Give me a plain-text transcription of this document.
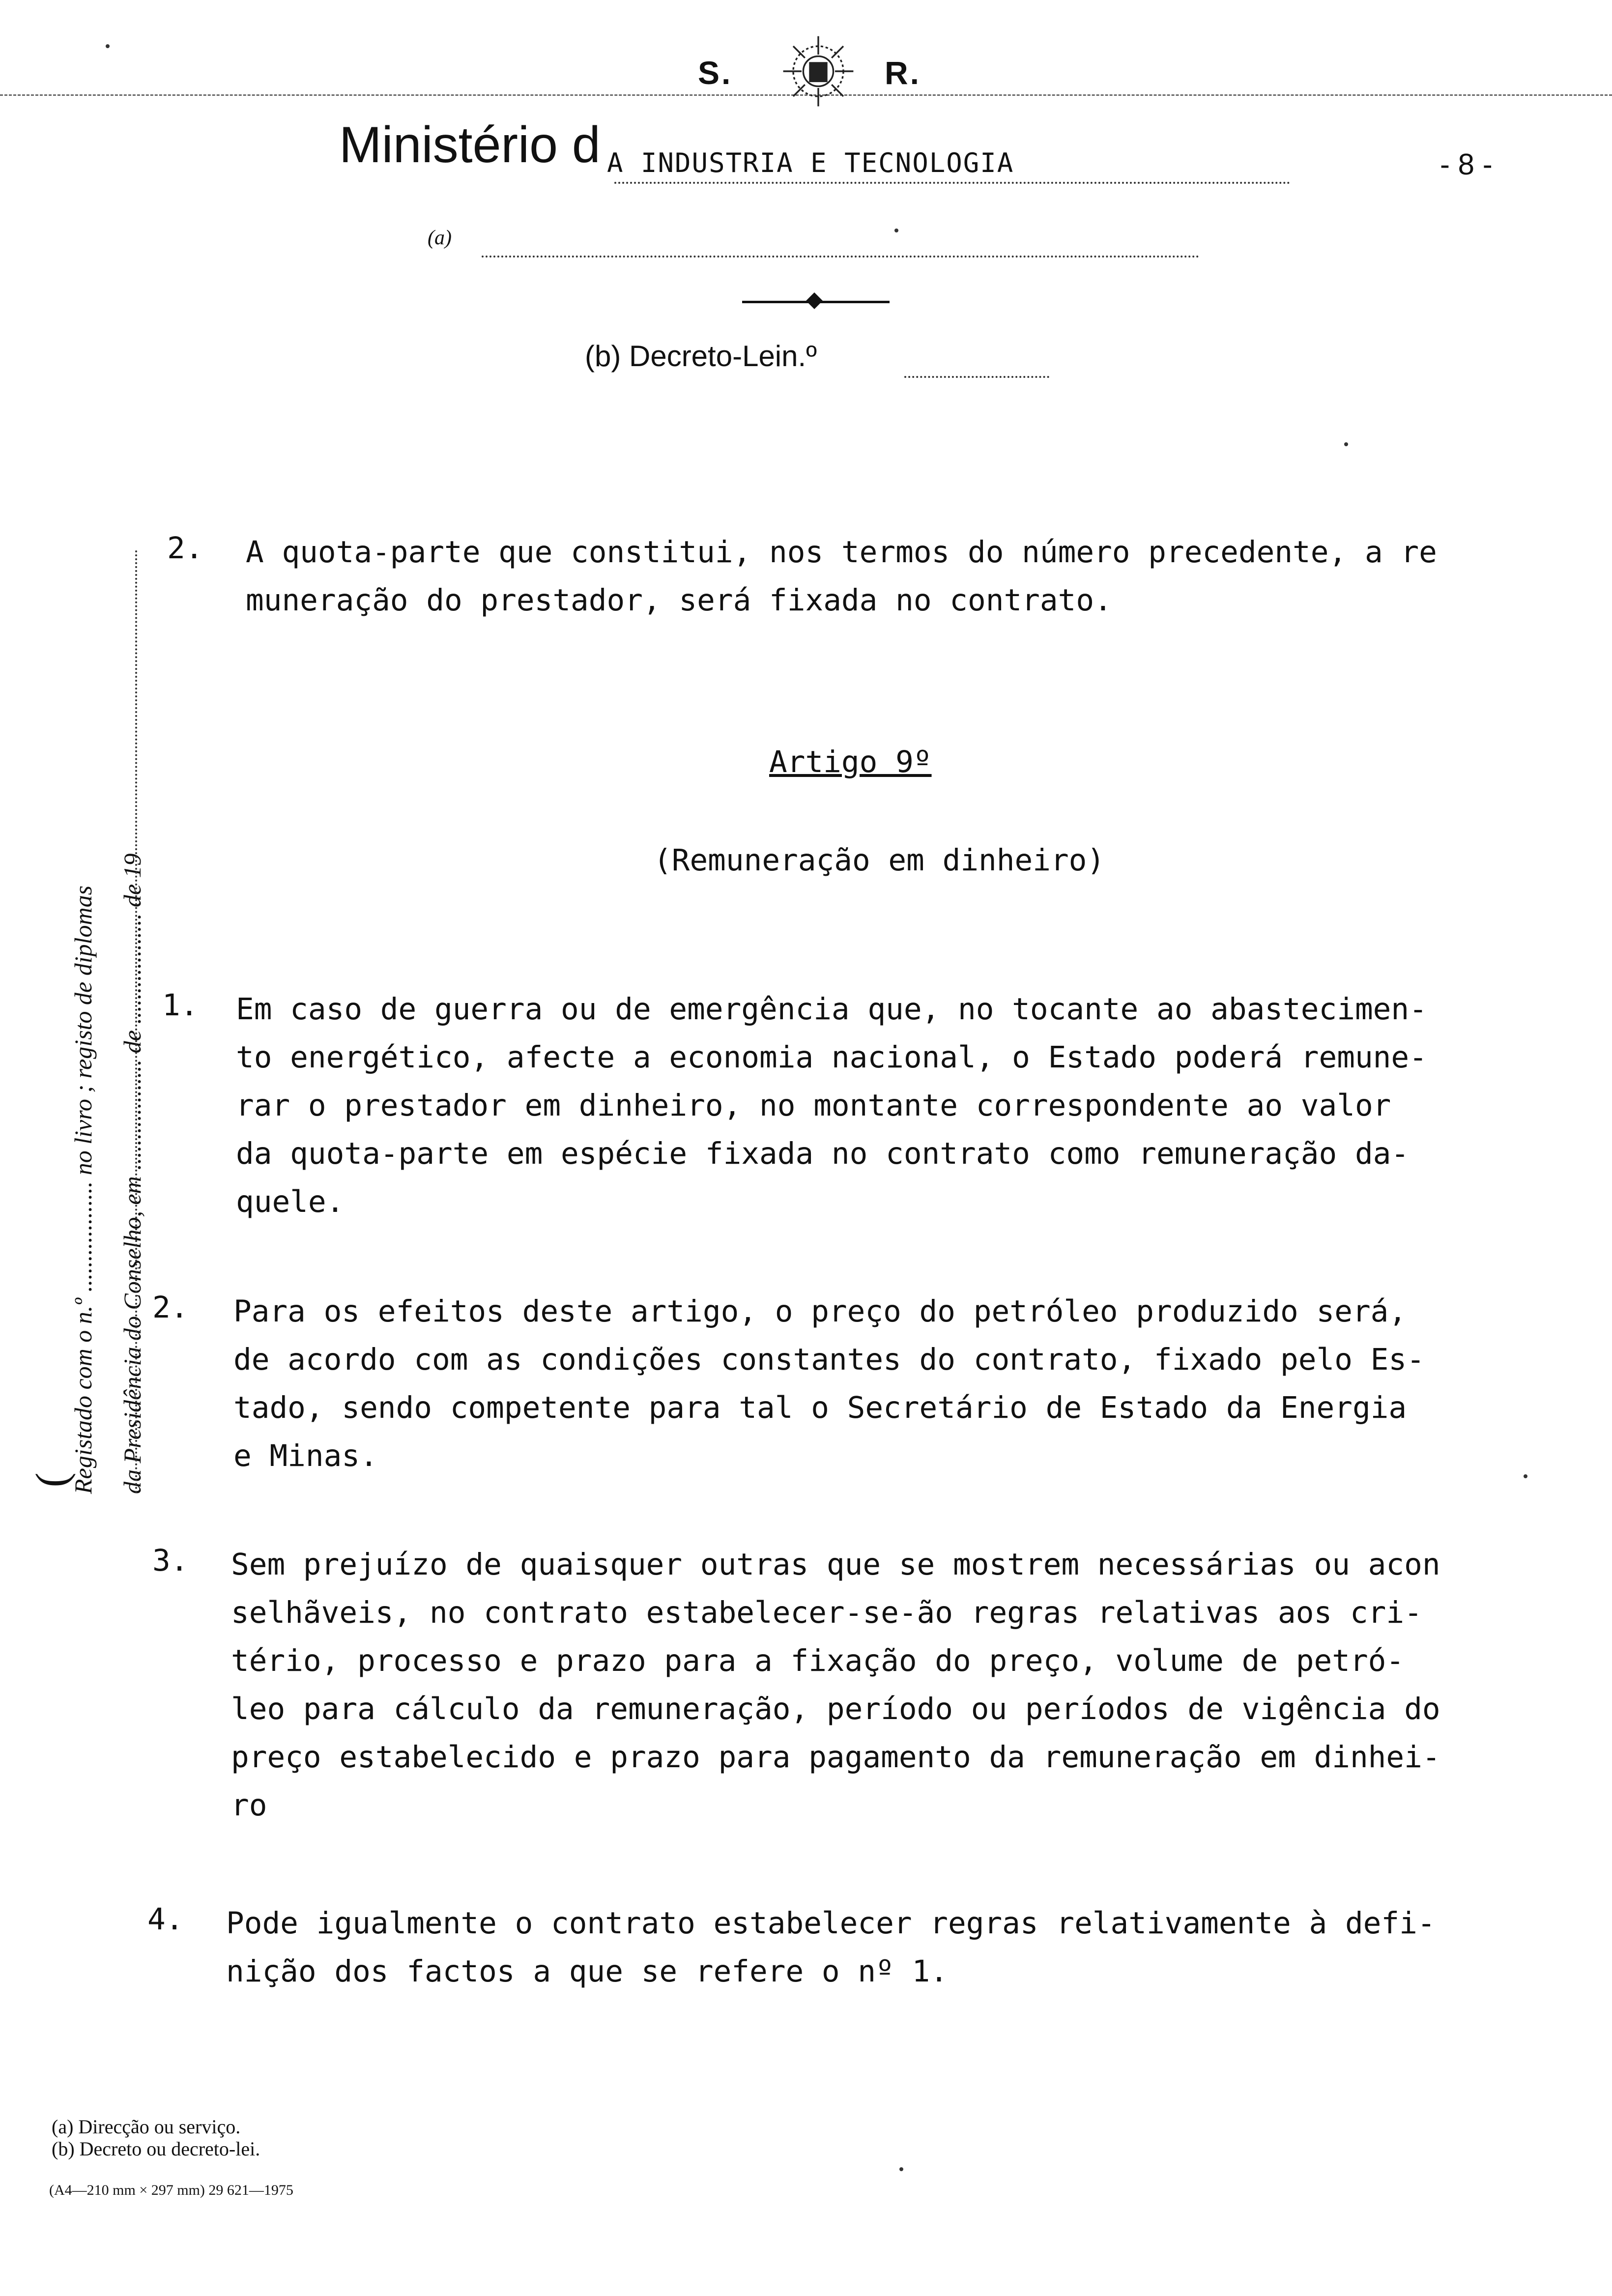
S.	R.
Ministério d A INDUSTRIA E TECNOLOGIA	- 8 -
(a)
(b) Decreto-Lein.º
Registado com o n.º .................. no livro ; registo de diplomas da Presidência do Conselho, em .................. de .................. de 19
(
2. A quota-parte que constitui, nos termos do número precedente, a re
muneração do prestador, será fixada no contrato.
Artigo 9º
(Remuneração em dinheiro)
1. Em caso de guerra ou de emergência que, no tocante ao abastecimen-
to energético, afecte a economia nacional, o Estado poderá remune-
rar o prestador em dinheiro, no montante correspondente ao valor
da quota-parte em espécie fixada no contrato como remuneração da-
quele.
2. Para os efeitos deste artigo, o preço do petróleo produzido será,
de acordo com as condições constantes do contrato, fixado pelo Es-
tado, sendo competente para tal o Secretário de Estado da Energia
e Minas.
3. Sem prejuízo de quaisquer outras que se mostrem necessárias ou acon
selhãveis, no contrato estabelecer-se-ão regras relativas aos cri-
tério, processo e prazo para a fixação do preço, volume de petró-
leo para cálculo da remuneração, período ou períodos de vigência do
preço estabelecido e prazo para pagamento da remuneração em dinhei-
ro
4. Pode igualmente o contrato estabelecer regras relativamente à defi-
nição dos factos a que se refere o nº 1.
(a) Direcção ou serviço.
(b) Decreto ou decreto-lei.
(A4—210 mm × 297 mm) 29 621—1975
